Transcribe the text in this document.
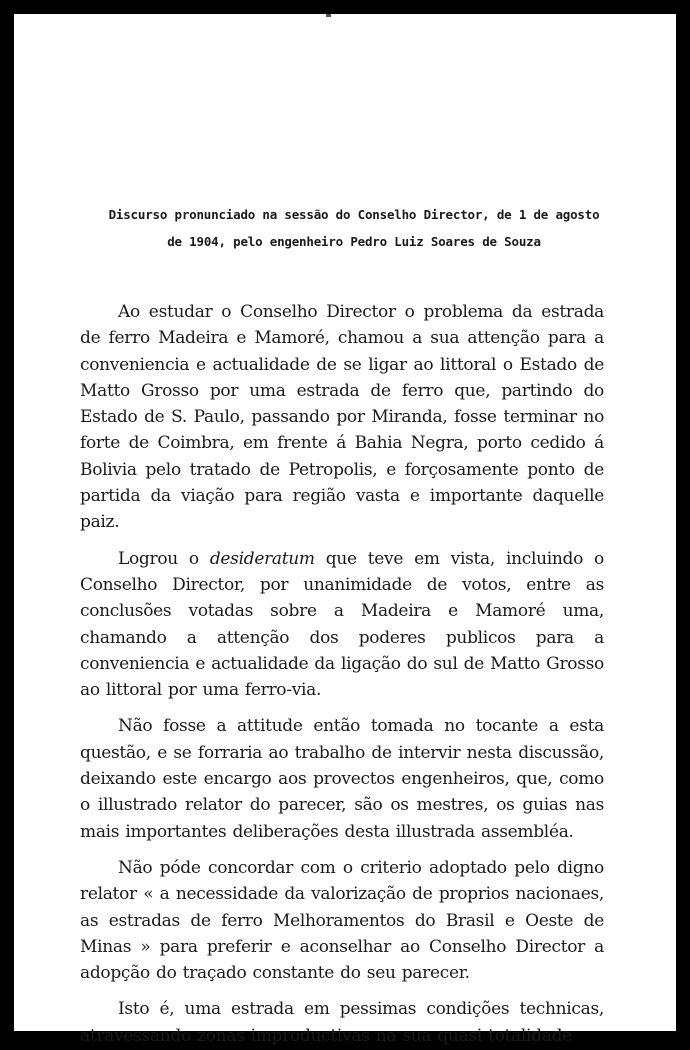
Discurso pronunciado na sessão do Conselho Director, de 1 de agosto
de 1904, pelo engenheiro Pedro Luiz Soares de Souza

Ao estudar o Conselho Director o problema da estrada de ferro Madeira e Mamoré, chamou a sua attenção para a conveniencia e actualidade de se ligar ao littoral o Estado de Matto Grosso por uma estrada de ferro que, partindo do Estado de S. Paulo, passando por Miranda, fosse terminar no forte de Coimbra, em frente á Bahia Negra, porto cedido á Bolivia pelo tratado de Petropolis, e forçosamente ponto de partida da viação para região vasta e importante daquelle paiz.

Logrou o desideratum que teve em vista, incluindo o Conselho Director, por unanimidade de votos, entre as conclusões votadas sobre a Madeira e Mamoré uma, chamando a attenção dos poderes publicos para a conveniencia e actualidade da ligação do sul de Matto Grosso ao littoral por uma ferro-via.

Não fosse a attitude então tomada no tocante a esta questão, e se forraria ao trabalho de intervir nesta discussão, deixando este encargo aos provectos engenheiros, que, como o illustrado relator do parecer, são os mestres, os guias nas mais importantes deliberações desta illustrada assembléa.

Não póde concordar com o criterio adoptado pelo digno relator « a necessidade da valorização de proprios nacionaes, as estradas de ferro Melhoramentos do Brasil e Oeste de Minas » para preferir e aconselhar ao Conselho Director a adopção do traçado constante do seu parecer.

Isto é, uma estrada em pessimas condições technicas, atravessando zonas improductivas na sua quasi totalidade
